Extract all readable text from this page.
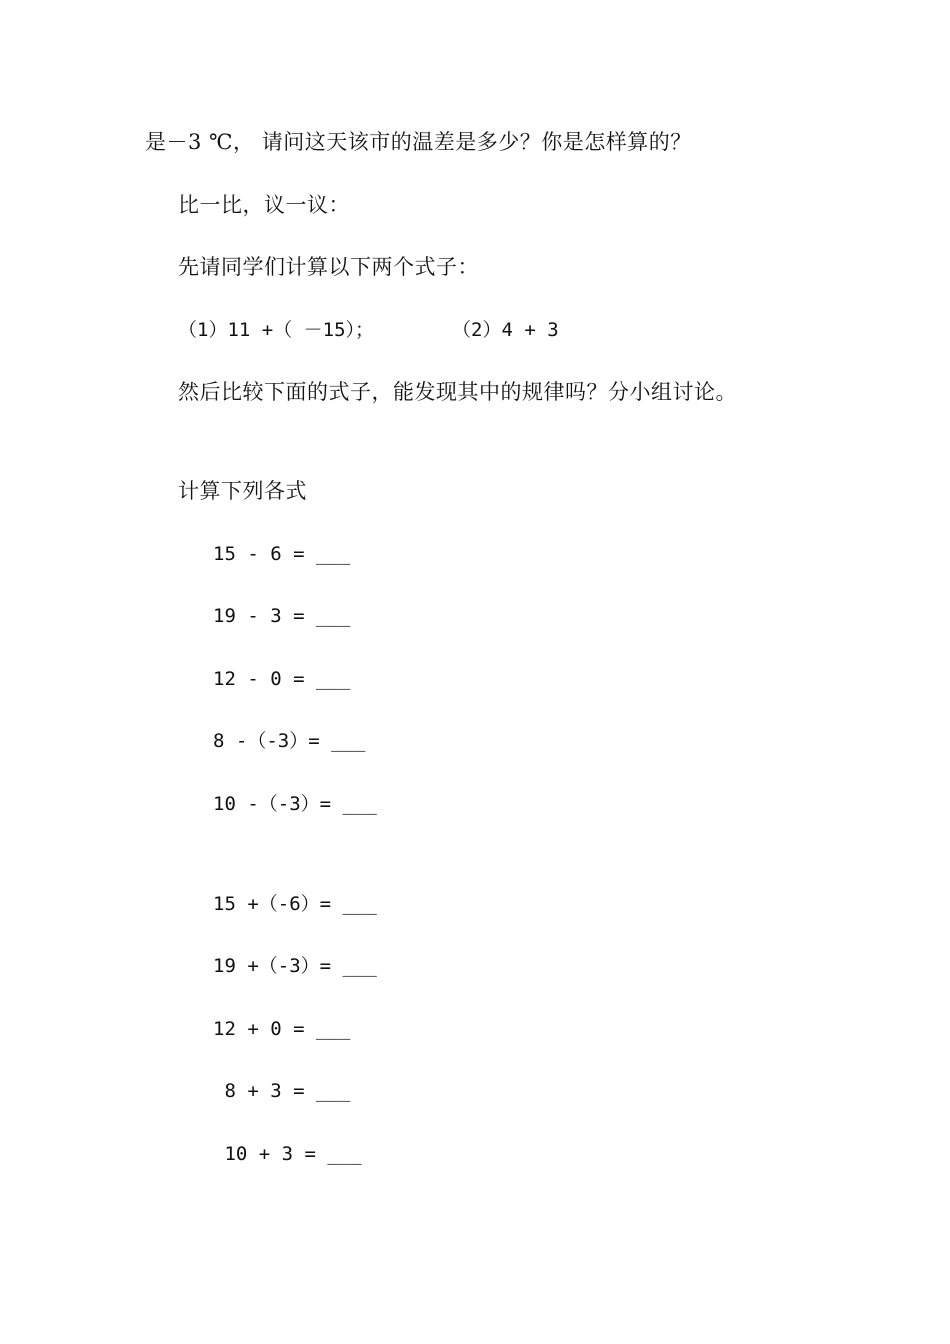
是－3 ℃， 请问这天该市的温差是多少？你是怎样算的？
比一比，议一议：
先请同学们计算以下两个式子：
（1）11 +（ －15）；	（2）4 + 3
然后比较下面的式子，能发现其中的规律吗？分小组讨论。
计算下列各式
15 - 6 = ___
19 - 3 = ___
12 - 0 = ___
8 -（-3）= ___
10 -（-3）= ___
15 +（-6）= ___
19 +（-3）= ___
12 + 0 = ___
8 + 3 = ___
10 + 3 = ___
